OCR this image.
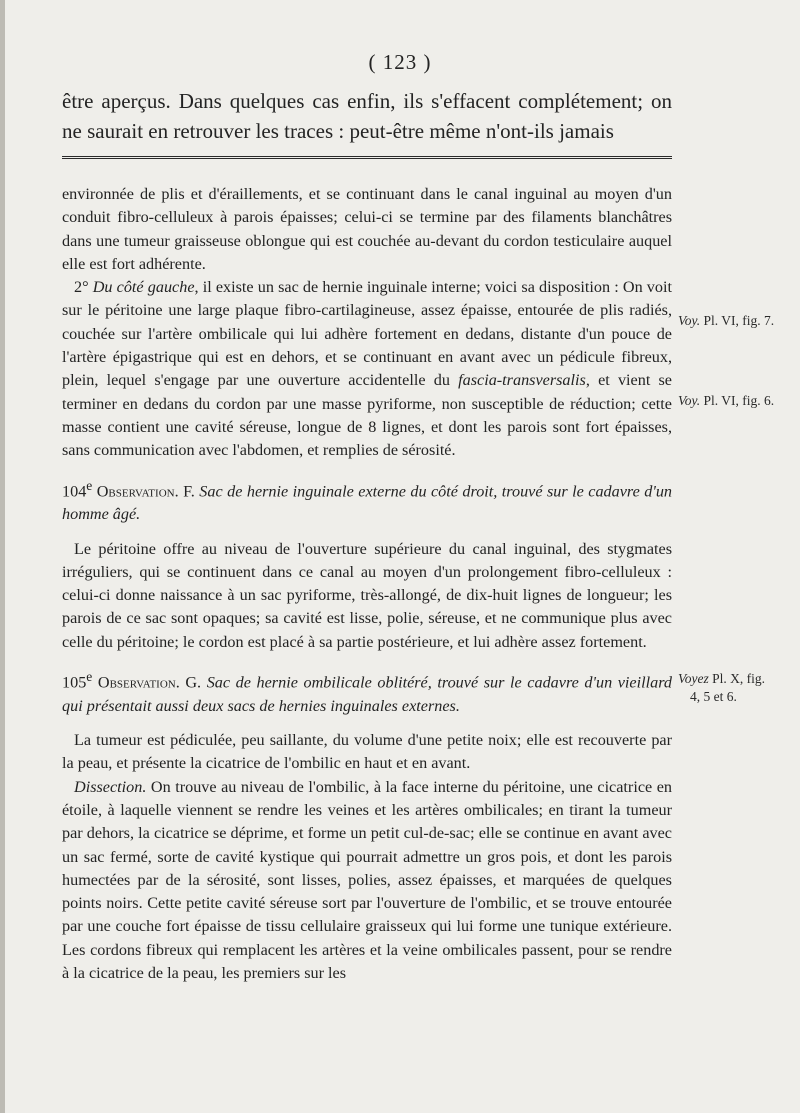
( 123 )
être aperçus. Dans quelques cas enfin, ils s'effacent complétement; on ne saurait en retrouver les traces : peut-être même n'ont-ils jamais

environnée de plis et d'éraillements, et se continuant dans le canal inguinal au moyen d'un conduit fibro-celluleux à parois épaisses; celui-ci se termine par des filaments blanchâtres dans une tumeur graisseuse oblongue qui est couchée au-devant du cordon testiculaire auquel elle est fort adhérente.

2° Du côté gauche, il existe un sac de hernie inguinale interne; voici sa disposition : On voit sur le péritoine une large plaque fibro-cartilagineuse, assez épaisse, entourée de plis radiés, couchée sur l'artère ombilicale qui lui adhère fortement en dedans, distante d'un pouce de l'artère épigastrique qui est en dehors, et se continuant en avant avec un pédicule fibreux, plein, lequel s'engage par une ouverture accidentelle du fascia-transversalis, et vient se terminer en dedans du cordon par une masse pyriforme, non susceptible de réduction; cette masse contient une cavité séreuse, longue de 8 lignes, et dont les parois sont fort épaisses, sans communication avec l'abdomen, et remplies de sérosité.

104e Observation. F. Sac de hernie inguinale externe du côté droit, trouvé sur le cadavre d'un homme âgé.

Le péritoine offre au niveau de l'ouverture supérieure du canal inguinal, des stygmates irréguliers, qui se continuent dans ce canal au moyen d'un prolongement fibro-celluleux : celui-ci donne naissance à un sac pyriforme, très-allongé, de dix-huit lignes de longueur; les parois de ce sac sont opaques; sa cavité est lisse, polie, séreuse, et ne communique plus avec celle du péritoine; le cordon est placé à sa partie postérieure, et lui adhère assez fortement.

105e Observation. G. Sac de hernie ombilicale oblitéré, trouvé sur le cadavre d'un vieillard qui présentait aussi deux sacs de hernies inguinales externes.

La tumeur est pédiculée, peu saillante, du volume d'une petite noix; elle est recouverte par la peau, et présente la cicatrice de l'ombilic en haut et en avant.

Dissection. On trouve au niveau de l'ombilic, à la face interne du péritoine, une cicatrice en étoile, à laquelle viennent se rendre les veines et les artères ombilicales; en tirant la tumeur par dehors, la cicatrice se déprime, et forme un petit cul-de-sac; elle se continue en avant avec un sac fermé, sorte de cavité kystique qui pourrait admettre un gros pois, et dont les parois humectées par de la sérosité, sont lisses, polies, assez épaisses, et marquées de quelques points noirs. Cette petite cavité séreuse sort par l'ouverture de l'ombilic, et se trouve entourée par une couche fort épaisse de tissu cellulaire graisseux qui lui forme une tunique extérieure. Les cordons fibreux qui remplacent les artères et la veine ombilicales passent, pour se rendre à la cicatrice de la peau, les premiers sur les

Voy. Pl. VI, fig. 7.
Voy. Pl. VI, fig. 6.
Voyez Pl. X, fig.
4, 5 et 6.
